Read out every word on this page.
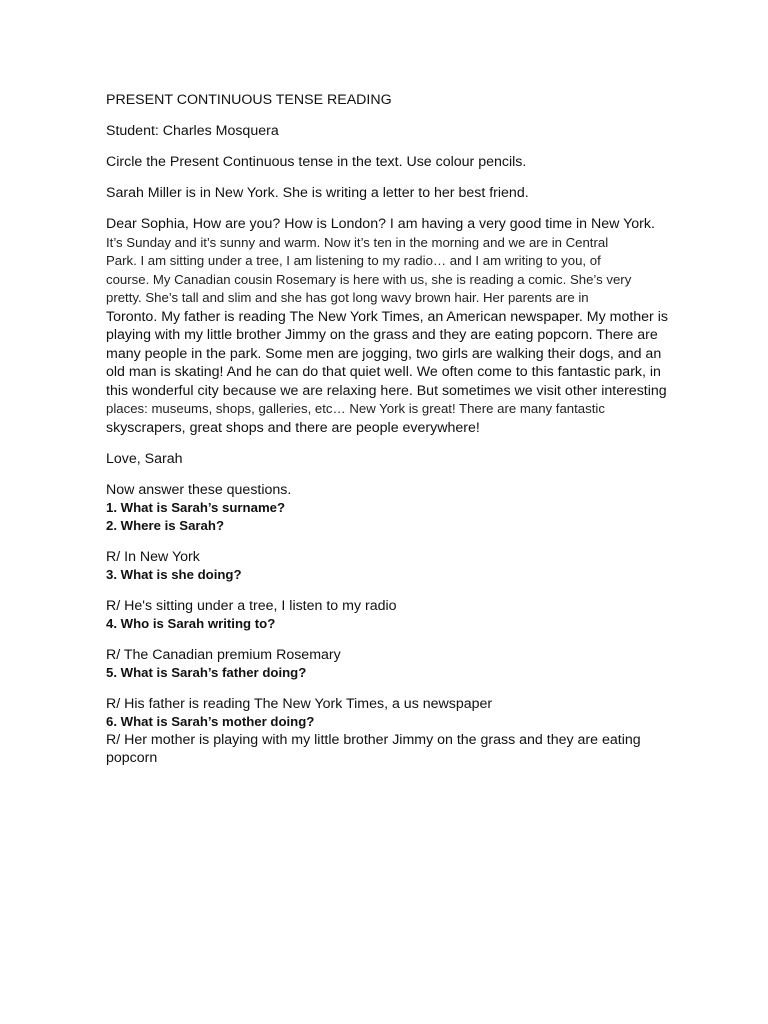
PRESENT CONTINUOUS TENSE READING

Student: Charles Mosquera

Circle the Present Continuous tense in the text. Use colour pencils.

Sarah Miller is in New York. She is writing a letter to her best friend.

Dear Sophia, How are you? How is London? I am having a very good time in New York.

It’s Sunday and it’s sunny and warm. Now it’s ten in the morning and we are in Central

Park. I am sitting under a tree, I am listening to my radio… and I am writing to you, of

course. My Canadian cousin Rosemary is here with us, she is reading a comic. She’s very

pretty. She’s tall and slim and she has got long wavy brown hair. Her parents are in

Toronto. My father is reading The New York Times, an American newspaper. My mother is

playing with my little brother Jimmy on the grass and they are eating popcorn. There are

many people in the park. Some men are jogging, two girls are walking their dogs, and an

old man is skating! And he can do that quiet well. We often come to this fantastic park, in

this wonderful city because we are relaxing here. But sometimes we visit other interesting

places: museums, shops, galleries, etc… New York is great! There are many fantastic

skyscrapers, great shops and there are people everywhere!

Love, Sarah

Now answer these questions.

1. What is Sarah’s surname?

2. Where is Sarah?

R/ In New York

3. What is she doing?

R/ He's sitting under a tree, I listen to my radio

4. Who is Sarah writing to?

R/ The Canadian premium Rosemary

5. What is Sarah’s father doing?

R/ His father is reading The New York Times, a us newspaper

6. What is Sarah’s mother doing?

R/ Her mother is playing with my little brother Jimmy on the grass and they are eating popcorn
